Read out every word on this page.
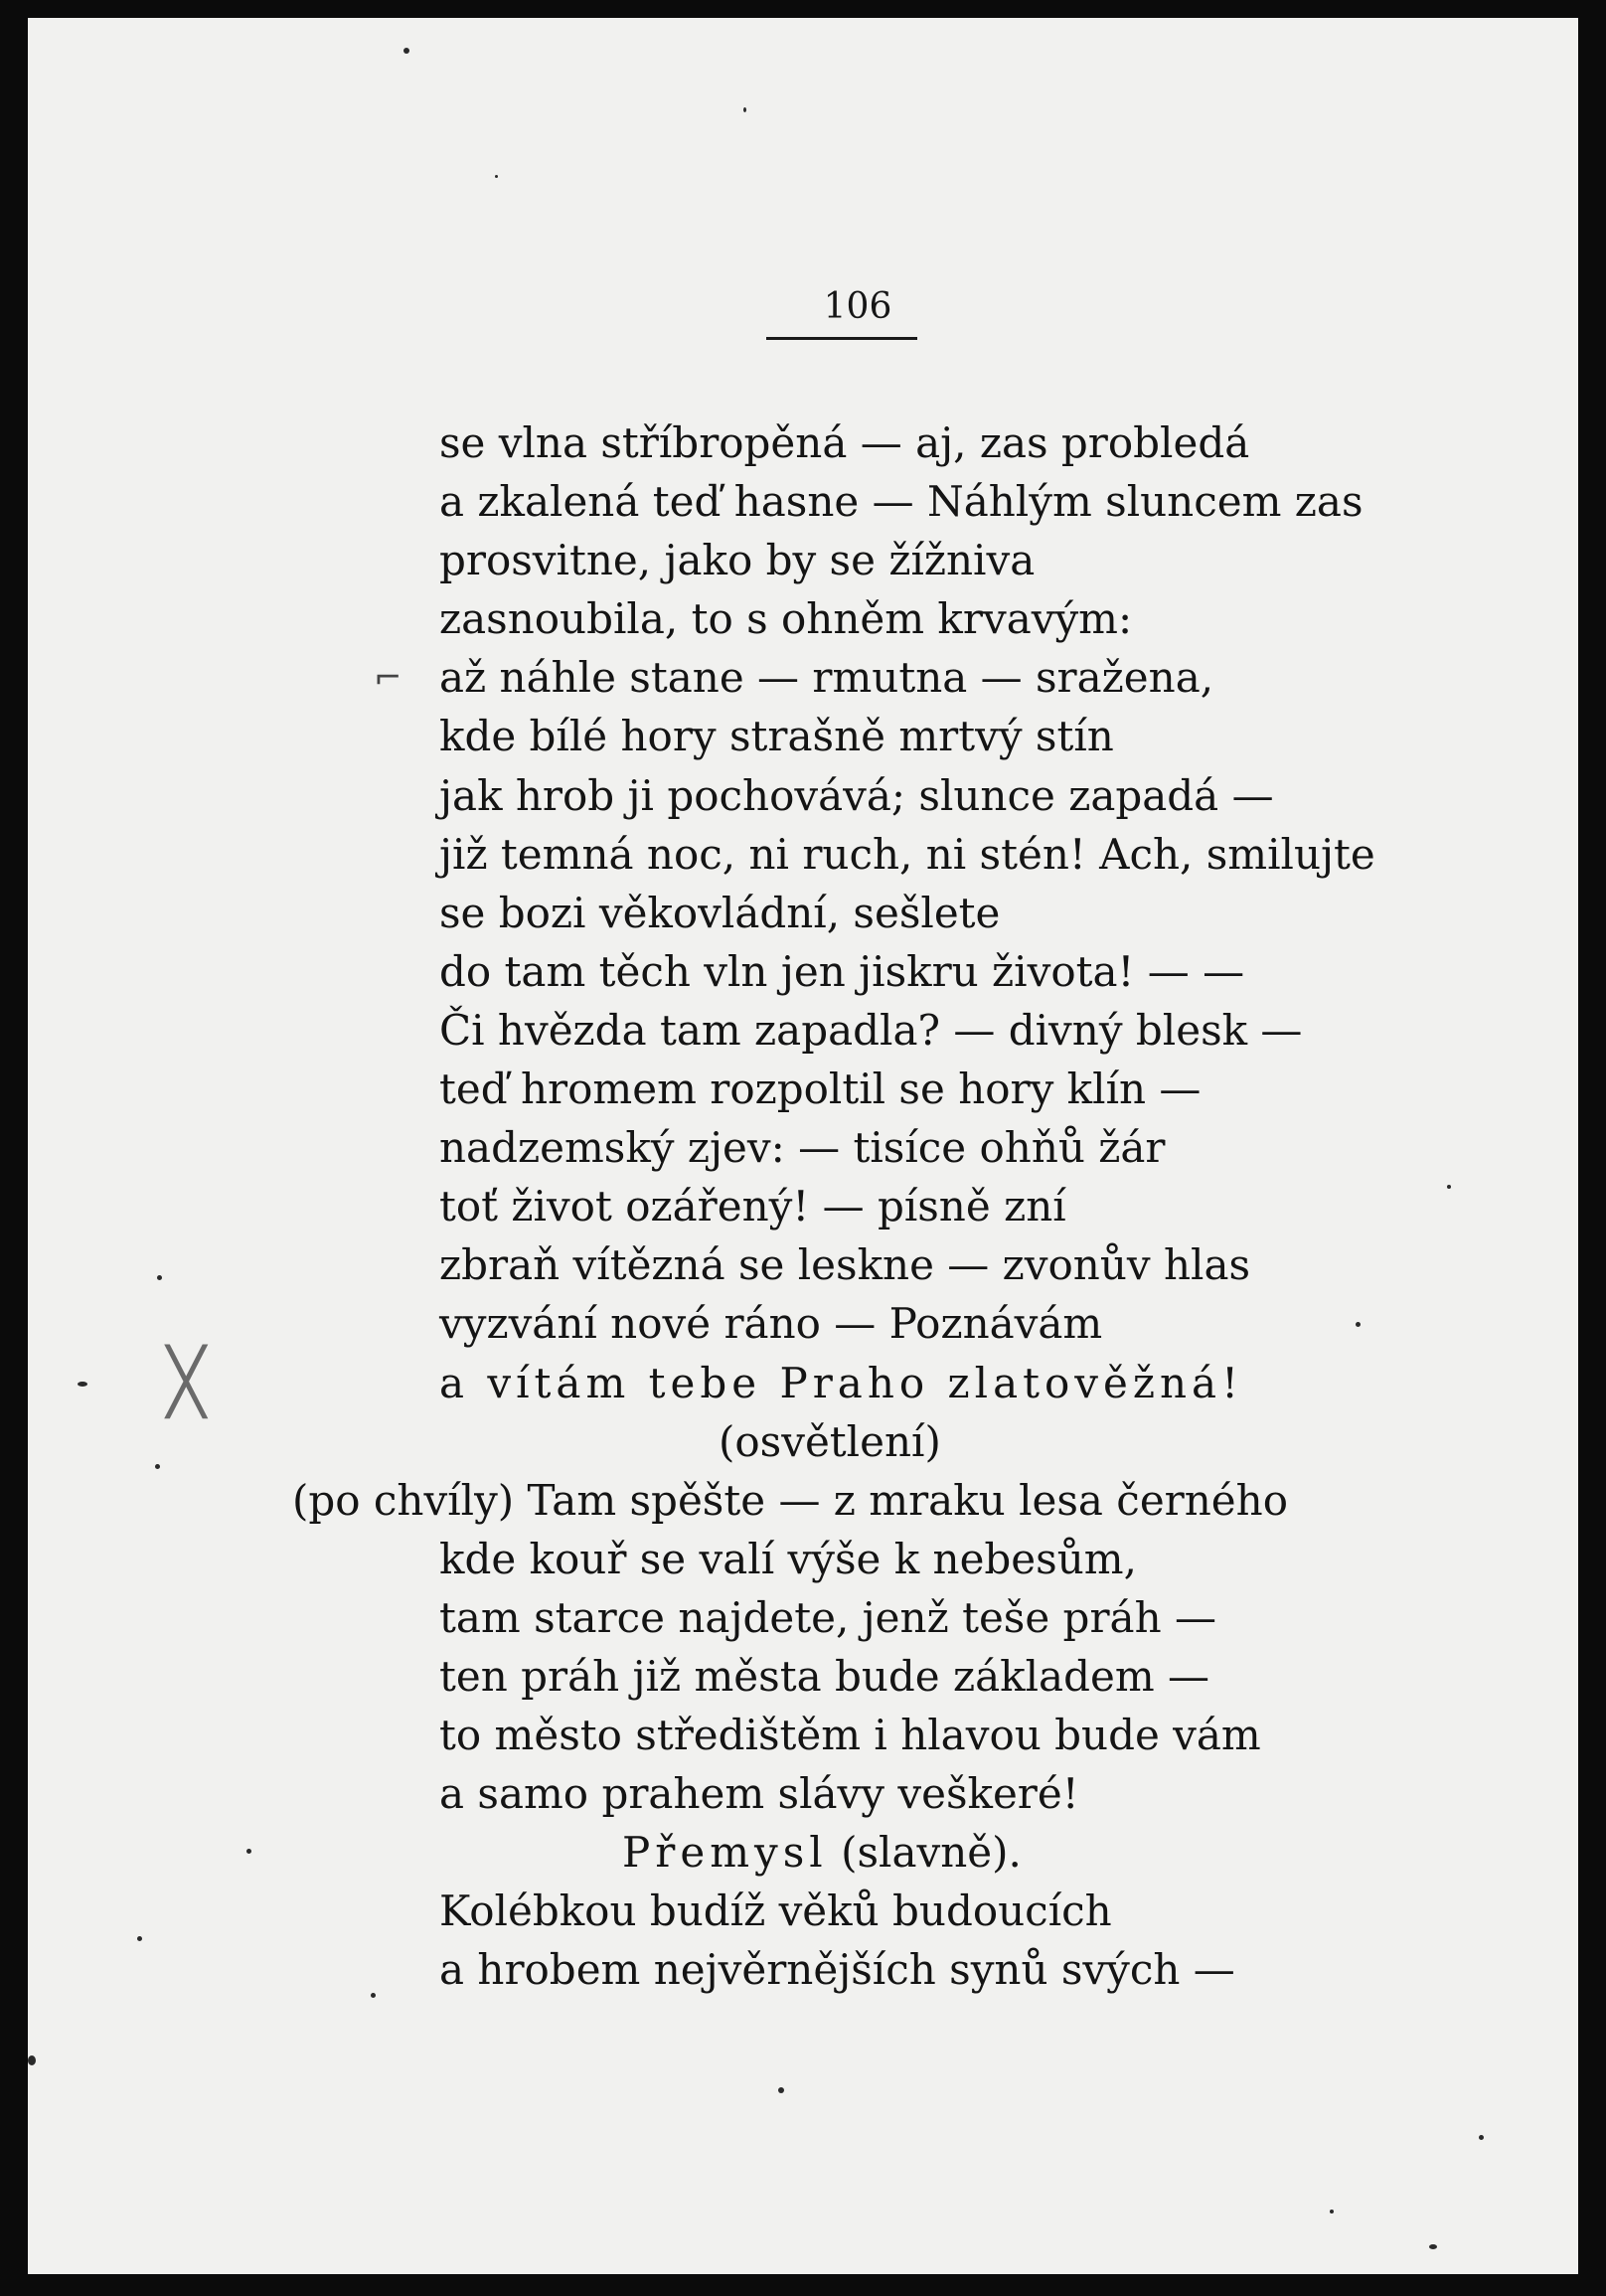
106
se vlna stříbropěná — aj, zas probledá
a zkalená teď hasne — Náhlým sluncem zas
prosvitne, jako by se žížniva
zasnoubila, to s ohněm krvavým:
až náhle stane — rmutna — sražena,
kde bílé hory strašně mrtvý stín
jak hrob ji pochovává; slunce zapadá —
již temná noc, ni ruch, ni stén! Ach, smilujte
se bozi věkovládní, sešlete
do tam těch vln jen jiskru života! — —
Či hvězda tam zapadla? — divný blesk —
teď hromem rozpoltil se hory klín —
nadzemský zjev: — tisíce ohňů žár
toť život ozářený! — písně zní
zbraň vítězná se leskne — zvonův hlas
vyzvání nové ráno — Poznávám
a vítám tebe Praho zlatověžná!
(osvětlení)
(po chvíly) Tam spěšte — z mraku lesa černého
kde kouř se valí výše k nebesům,
tam starce najdete, jenž teše práh —
ten práh již města bude základem —
to město středištěm i hlavou bude vám
a samo prahem slávy veškeré!
Přemysl (slavně).
Kolébkou budíž věků budoucích
a hrobem nejvěrnějších synů svých —
╳
⌐
